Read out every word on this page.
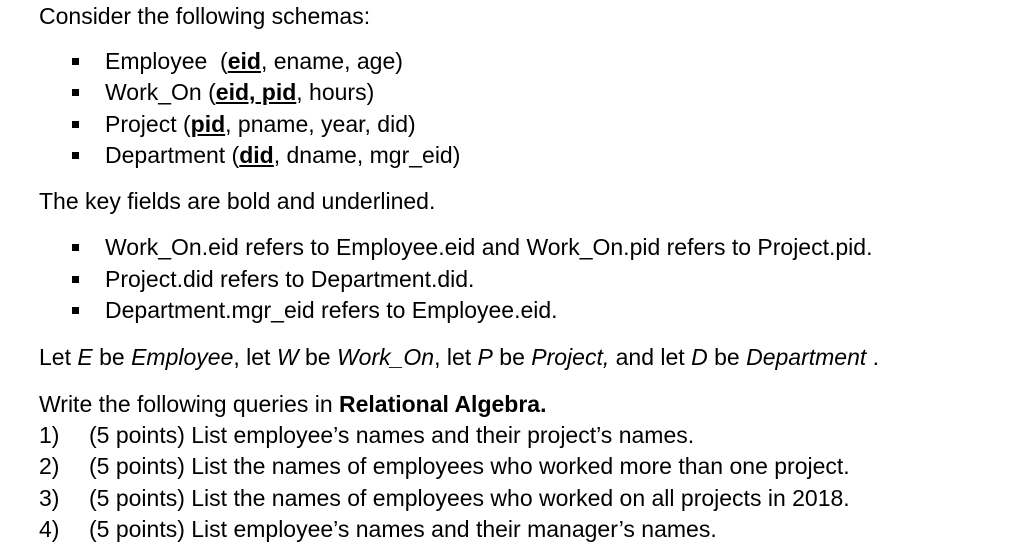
Consider the following schemas:
Employee  (eid, ename, age)
Work_On (eid, pid, hours)
Project (pid, pname, year, did)
Department (did, dname, mgr_eid)
The key fields are bold and underlined.
Work_On.eid refers to Employee.eid and Work_On.pid refers to Project.pid.
Project.did refers to Department.did.
Department.mgr_eid refers to Employee.eid.
Let E be Employee, let W be Work_On, let P be Project, and let D be Department .
Write the following queries in Relational Algebra.
1) (5 points) List employee’s names and their project’s names.
2) (5 points) List the names of employees who worked more than one project.
3) (5 points) List the names of employees who worked on all projects in 2018.
4) (5 points) List employee’s names and their manager’s names.
